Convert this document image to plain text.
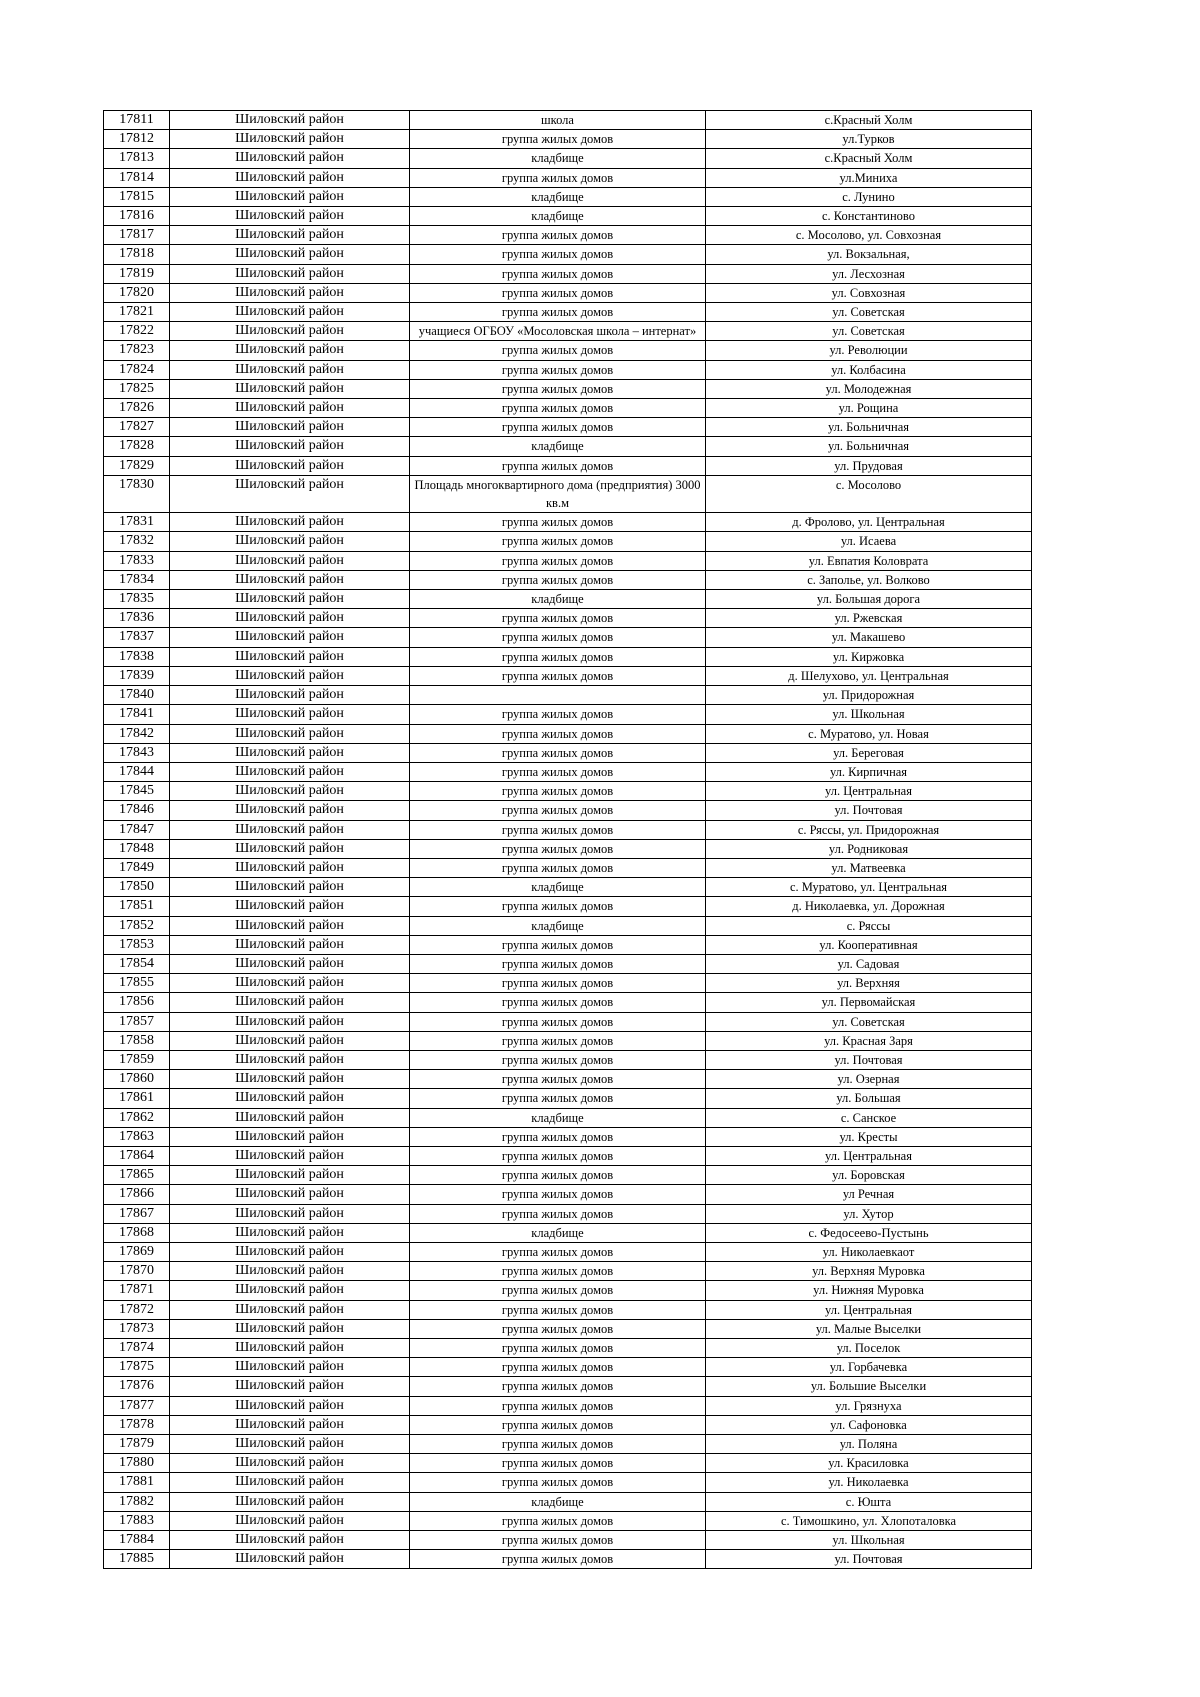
17811	Шиловский район	школа	с.Красный Холм
17812	Шиловский район	группа жилых домов	ул.Турков
17813	Шиловский район	кладбище	с.Красный Холм
17814	Шиловский район	группа жилых домов	ул.Миниха
17815	Шиловский район	кладбище	с. Лунино
17816	Шиловский район	кладбище	с. Константиново
17817	Шиловский район	группа жилых домов	с. Мосолово, ул. Совхозная
17818	Шиловский район	группа жилых домов	ул. Вокзальная,
17819	Шиловский район	группа жилых домов	ул. Лесхозная
17820	Шиловский район	группа жилых домов	ул. Совхозная
17821	Шиловский район	группа жилых домов	ул. Советская
17822	Шиловский район	учащиеся ОГБОУ «Мосоловская школа – интернат»	ул. Советская
17823	Шиловский район	группа жилых домов	ул. Революции
17824	Шиловский район	группа жилых домов	ул. Колбасина
17825	Шиловский район	группа жилых домов	ул. Молодежная
17826	Шиловский район	группа жилых домов	ул. Рощина
17827	Шиловский район	группа жилых домов	ул. Больничная
17828	Шиловский район	кладбище	ул. Больничная
17829	Шиловский район	группа жилых домов	ул. Прудовая
17830	Шиловский район	Площадь многоквартирного дома (предприятия) 3000 кв.м	с. Мосолово
17831	Шиловский район	группа жилых домов	д. Фролово, ул. Центральная
17832	Шиловский район	группа жилых домов	ул. Исаева
17833	Шиловский район	группа жилых домов	ул. Евпатия Коловрата
17834	Шиловский район	группа жилых домов	с. Заполье, ул. Волково
17835	Шиловский район	кладбище	ул. Большая дорога
17836	Шиловский район	группа жилых домов	ул. Ржевская
17837	Шиловский район	группа жилых домов	ул. Макашево
17838	Шиловский район	группа жилых домов	ул. Киржовка
17839	Шиловский район	группа жилых домов	д. Шелухово, ул. Центральная
17840	Шиловский район		ул. Придорожная
17841	Шиловский район	группа жилых домов	ул. Школьная
17842	Шиловский район	группа жилых домов	с. Муратово, ул. Новая
17843	Шиловский район	группа жилых домов	ул. Береговая
17844	Шиловский район	группа жилых домов	ул. Кирпичная
17845	Шиловский район	группа жилых домов	ул. Центральная
17846	Шиловский район	группа жилых домов	ул. Почтовая
17847	Шиловский район	группа жилых домов	с. Ряссы, ул. Придорожная
17848	Шиловский район	группа жилых домов	ул. Родниковая
17849	Шиловский район	группа жилых домов	ул. Матвеевка
17850	Шиловский район	кладбище	с. Муратово, ул. Центральная
17851	Шиловский район	группа жилых домов	д. Николаевка, ул. Дорожная
17852	Шиловский район	кладбище	с. Ряссы
17853	Шиловский район	группа жилых домов	ул. Кооперативная
17854	Шиловский район	группа жилых домов	ул. Садовая
17855	Шиловский район	группа жилых домов	ул. Верхняя
17856	Шиловский район	группа жилых домов	ул. Первомайская
17857	Шиловский район	группа жилых домов	ул. Советская
17858	Шиловский район	группа жилых домов	ул. Красная Заря
17859	Шиловский район	группа жилых домов	ул. Почтовая
17860	Шиловский район	группа жилых домов	ул. Озерная
17861	Шиловский район	группа жилых домов	ул. Большая
17862	Шиловский район	кладбище	с. Санское
17863	Шиловский район	группа жилых домов	ул. Кресты
17864	Шиловский район	группа жилых домов	ул. Центральная
17865	Шиловский район	группа жилых домов	ул. Боровская
17866	Шиловский район	группа жилых домов	ул Речная
17867	Шиловский район	группа жилых домов	ул. Хутор
17868	Шиловский район	кладбище	с. Федосеево-Пустынь
17869	Шиловский район	группа жилых домов	ул. Николаевкаот
17870	Шиловский район	группа жилых домов	ул. Верхняя Муровка
17871	Шиловский район	группа жилых домов	ул. Нижняя Муровка
17872	Шиловский район	группа жилых домов	ул. Центральная
17873	Шиловский район	группа жилых домов	ул. Малые Выселки
17874	Шиловский район	группа жилых домов	ул. Поселок
17875	Шиловский район	группа жилых домов	ул. Горбачевка
17876	Шиловский район	группа жилых домов	ул. Большие Выселки
17877	Шиловский район	группа жилых домов	ул. Грязнуха
17878	Шиловский район	группа жилых домов	ул. Сафоновка
17879	Шиловский район	группа жилых домов	ул. Поляна
17880	Шиловский район	группа жилых домов	ул. Красиловка
17881	Шиловский район	группа жилых домов	ул. Николаевка
17882	Шиловский район	кладбище	с. Юшта
17883	Шиловский район	группа жилых домов	с. Тимошкино, ул. Хлопоталовка
17884	Шиловский район	группа жилых домов	ул. Школьная
17885	Шиловский район	группа жилых домов	ул. Почтовая
